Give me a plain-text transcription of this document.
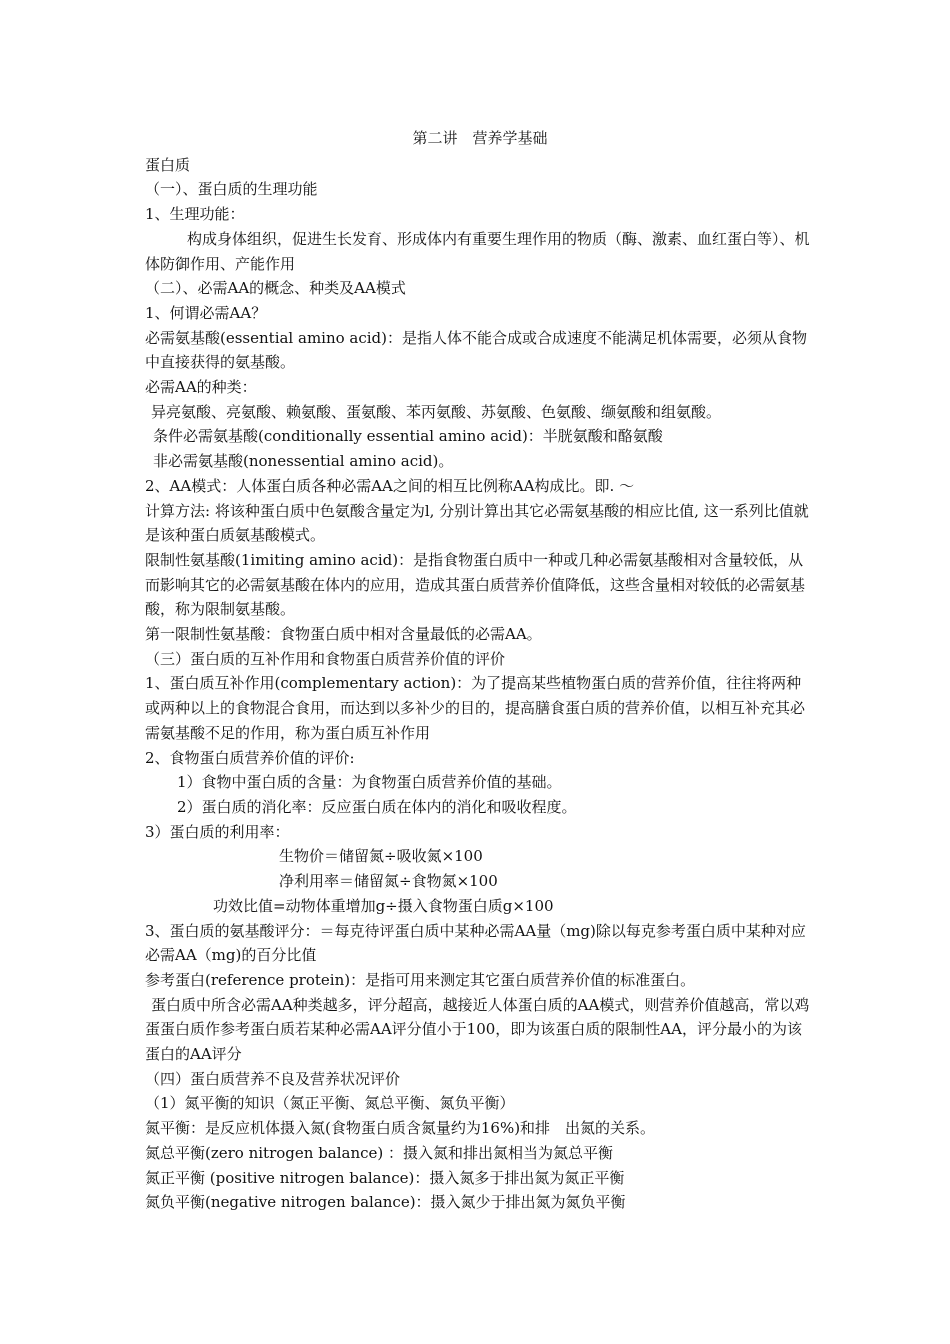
第二讲　营养学基础
蛋白质
（一）、蛋白质的生理功能
1、生理功能：
构成身体组织，促进生长发育、形成体内有重要生理作用的物质（酶、激素、血红蛋白等）、机体防御作用、产能作用
（二）、必需AA的概念、种类及AA模式
1、何谓必需AA？
必需氨基酸(essential amino acid)：是指人体不能合成或合成速度不能满足机体需要，必须从食物中直接获得的氨基酸。
必需AA的种类：
异亮氨酸、亮氨酸、赖氨酸、蛋氨酸、苯丙氨酸、苏氨酸、色氨酸、缬氨酸和组氨酸。
条件必需氨基酸(conditionally essential amino acid)：半胱氨酸和酪氨酸
非必需氨基酸(nonessential amino acid)。
2、AA模式：人体蛋白质各种必需AA之间的相互比例称AA构成比。即. ～
计算方法: 将该种蛋白质中色氨酸含量定为l, 分别计算出其它必需氨基酸的相应比值, 这一系列比值就是该种蛋白质氨基酸模式。
限制性氨基酸(1imiting amino acid)：是指食物蛋白质中一种或几种必需氨基酸相对含量较低，从而影响其它的必需氨基酸在体内的应用，造成其蛋白质营养价值降低，这些含量相对较低的必需氨基酸，称为限制氨基酸。
第一限制性氨基酸：食物蛋白质中相对含量最低的必需AA。
（三）蛋白质的互补作用和食物蛋白质营养价值的评价
1、蛋白质互补作用(complementary action)：为了提高某些植物蛋白质的营养价值，往往将两种或两种以上的食物混合食用，而达到以多补少的目的，提高膳食蛋白质的营养价值，以相互补充其必需氨基酸不足的作用，称为蛋白质互补作用
2、食物蛋白质营养价值的评价:
1）食物中蛋白质的含量：为食物蛋白质营养价值的基础。
2）蛋白质的消化率：反应蛋白质在体内的消化和吸收程度。
3）蛋白质的利用率：
生物价＝储留氮÷吸收氮×100
净利用率＝储留氮÷食物氮×100
功效比值=动物体重增加g÷摄入食物蛋白质g×100
3、蛋白质的氨基酸评分：＝每克待评蛋白质中某种必需AA量（mg)除以每克参考蛋白质中某种对应必需AA（mg)的百分比值
参考蛋白(reference protein)：是指可用来测定其它蛋白质营养价值的标准蛋白。
蛋白质中所含必需AA种类越多，评分超高，越接近人体蛋白质的AA模式，则营养价值越高，常以鸡蛋蛋白质作参考蛋白质若某种必需AA评分值小于100，即为该蛋白质的限制性AA，评分最小的为该蛋白的AA评分
（四）蛋白质营养不良及营养状况评价
（1）氮平衡的知识（氮正平衡、氮总平衡、氮负平衡）
氮平衡：是反应机体摄入氮(食物蛋白质含氮量约为16%)和排　出氮的关系。
氮总平衡(zero nitrogen balance) ：摄入氮和排出氮相当为氮总平衡
氮正平衡 (positive nitrogen balance)：摄入氮多于排出氮为氮正平衡
氮负平衡(negative nitrogen balance)：摄入氮少于排出氮为氮负平衡
